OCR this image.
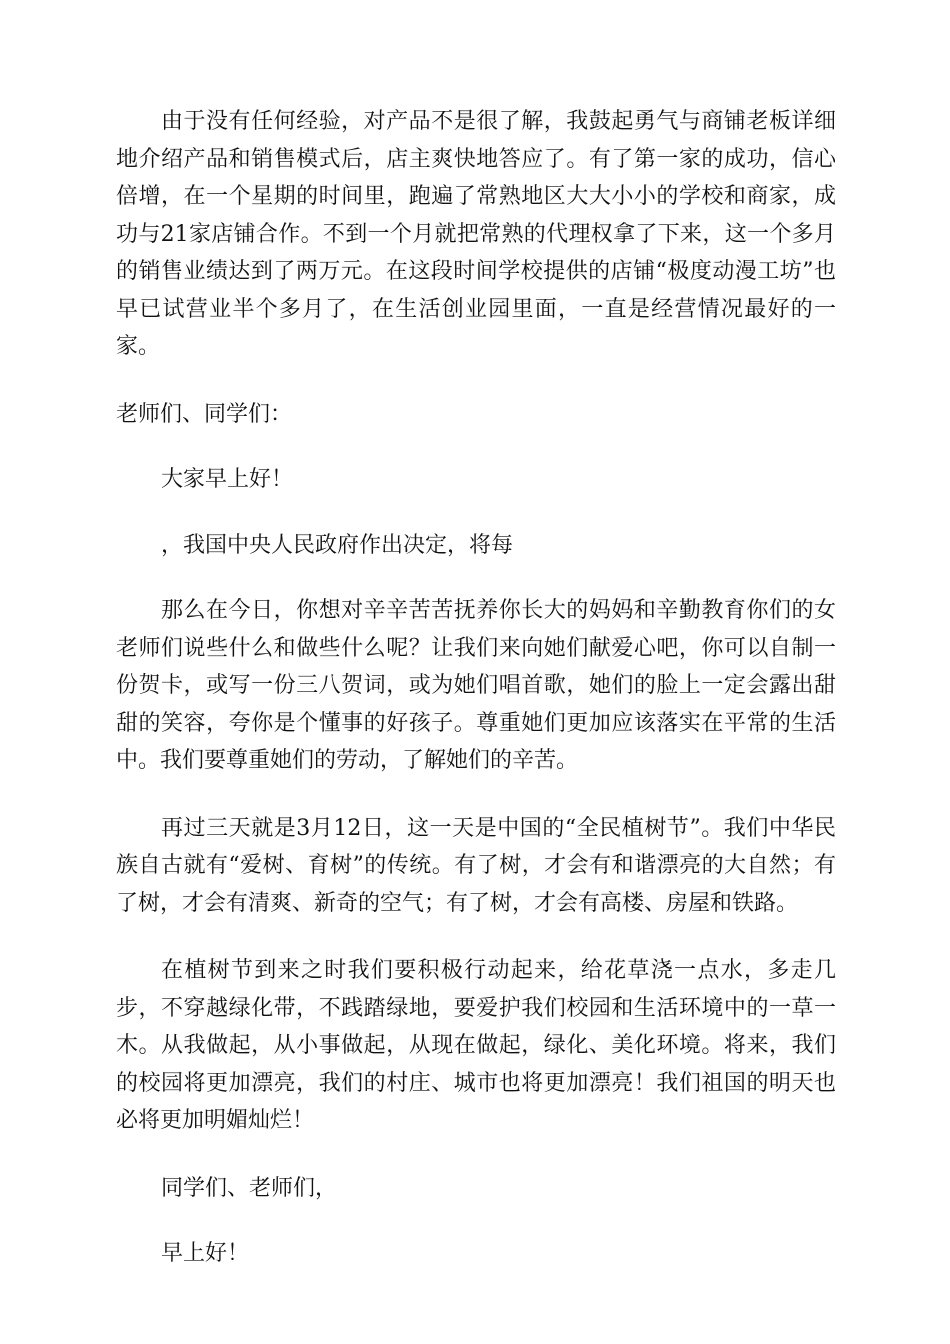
由于没有任何经验，对产品不是很了解，我鼓起勇气与商铺老板详细地介绍产品和销售模式后，店主爽快地答应了。有了第一家的成功，信心倍增，在一个星期的时间里，跑遍了常熟地区大大小小的学校和商家，成功与21家店铺合作。不到一个月就把常熟的代理权拿了下来，这一个多月的销售业绩达到了两万元。在这段时间学校提供的店铺“极度动漫工坊”也早已试营业半个多月了，在生活创业园里面，一直是经营情况最好的一家。

老师们、同学们：

大家早上好！

，我国中央人民政府作出决定，将每

那么在今日，你想对辛辛苦苦抚养你长大的妈妈和辛勤教育你们的女老师们说些什么和做些什么呢？让我们来向她们献爱心吧，你可以自制一份贺卡，或写一份三八贺词，或为她们唱首歌，她们的脸上一定会露出甜甜的笑容，夸你是个懂事的好孩子。尊重她们更加应该落实在平常的生活中。我们要尊重她们的劳动，了解她们的辛苦。

再过三天就是3月12日，这一天是中国的“全民植树节”。我们中华民族自古就有“爱树、育树”的传统。有了树，才会有和谐漂亮的大自然；有了树，才会有清爽、新奇的空气；有了树，才会有高楼、房屋和铁路。

在植树节到来之时我们要积极行动起来，给花草浇一点水，多走几步，不穿越绿化带，不践踏绿地，要爱护我们校园和生活环境中的一草一木。从我做起，从小事做起，从现在做起，绿化、美化环境。将来，我们的校园将更加漂亮，我们的村庄、城市也将更加漂亮！我们祖国的明天也必将更加明媚灿烂！

同学们、老师们，

早上好！
